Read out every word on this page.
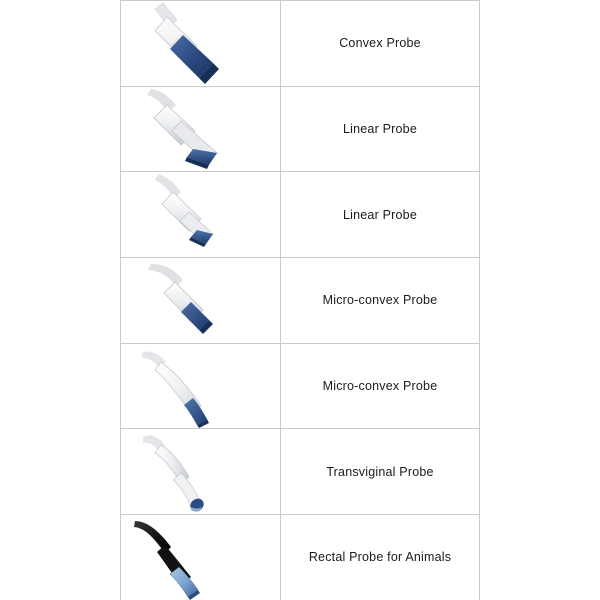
Convex Probe
Linear Probe
Linear Probe
Micro-convex Probe
Micro-convex Probe
Transviginal Probe
Rectal Probe for Animals
